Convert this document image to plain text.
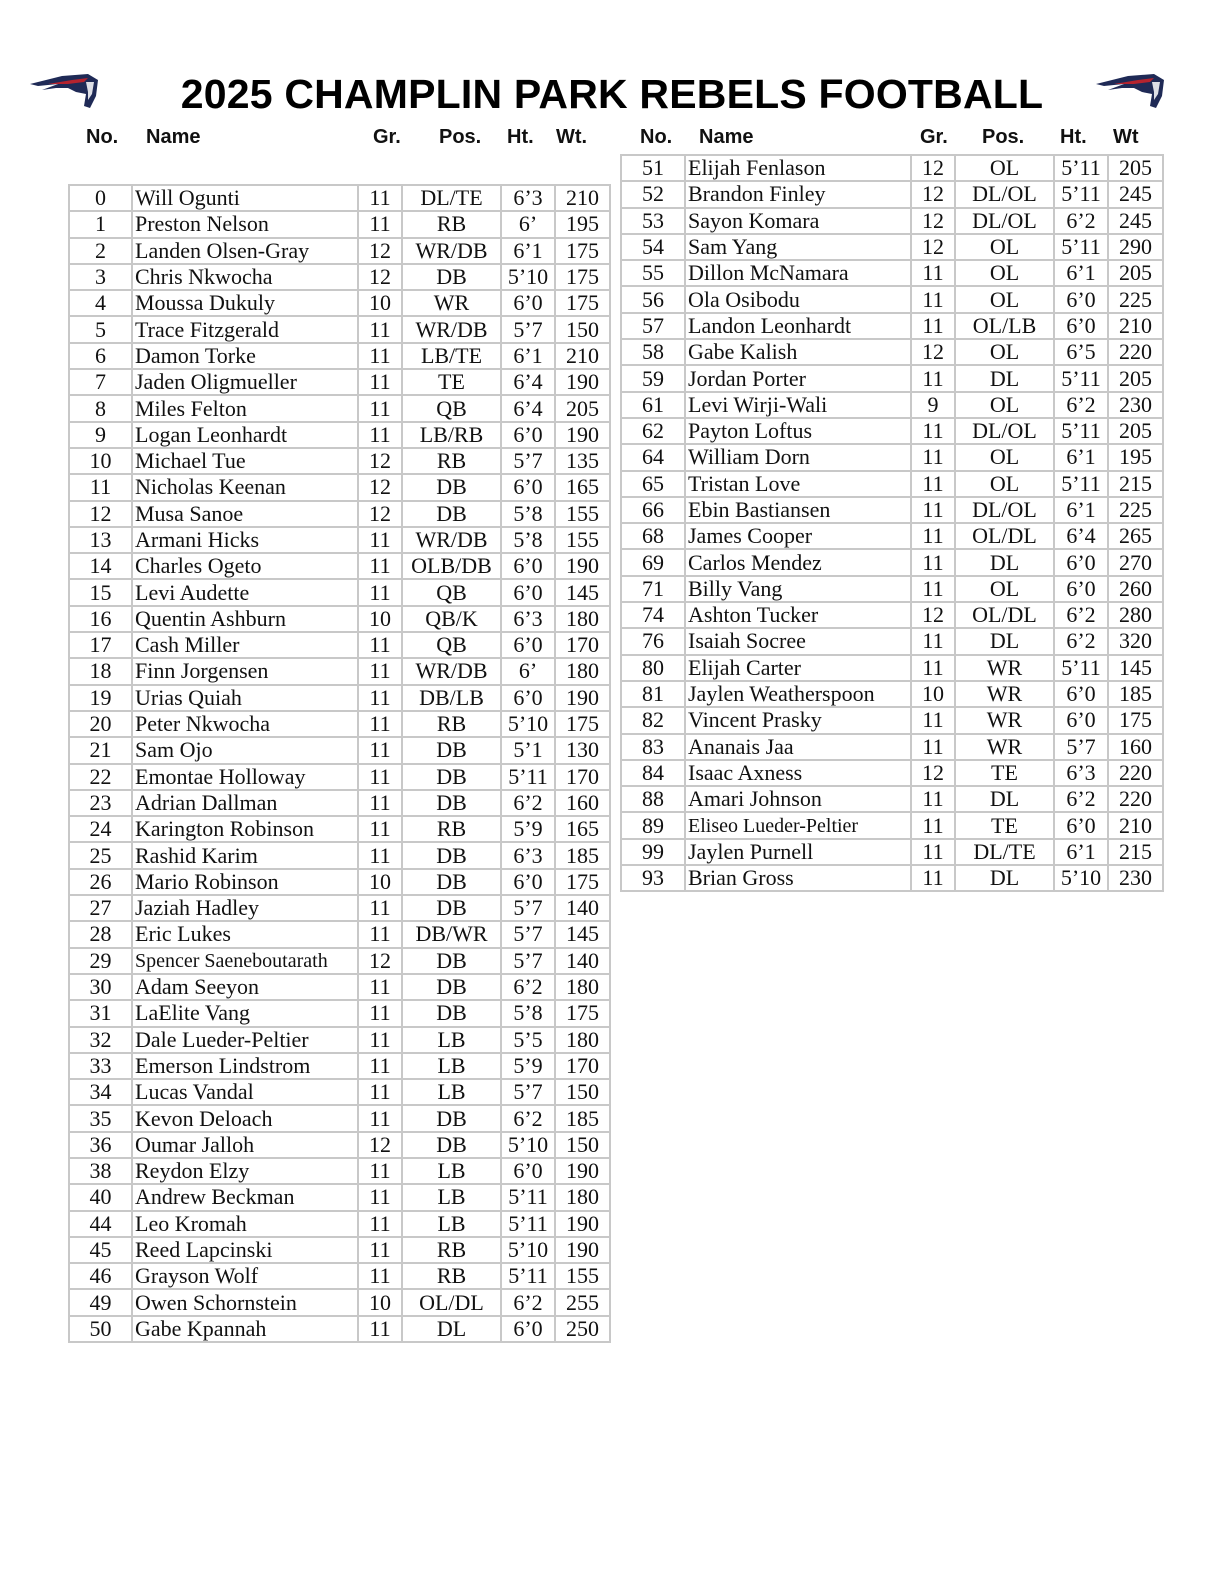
2025 CHAMPLIN PARK REBELS FOOTBALL
No. Name	Gr. Pos. Ht. Wt.	No. Name	Gr. Pos. Ht. Wt
0	Will Ogunti	11	DL/TE	6’3	210
1	Preston Nelson	11	RB	6’	195
2	Landen Olsen-Gray	12	WR/DB	6’1	175
3	Chris Nkwocha	12	DB	5’10	175
4	Moussa Dukuly	10	WR	6’0	175
5	Trace Fitzgerald	11	WR/DB	5’7	150
6	Damon Torke	11	LB/TE	6’1	210
7	Jaden Oligmueller	11	TE	6’4	190
8	Miles Felton	11	QB	6’4	205
9	Logan Leonhardt	11	LB/RB	6’0	190
10	Michael Tue	12	RB	5’7	135
11	Nicholas Keenan	12	DB	6’0	165
12	Musa Sanoe	12	DB	5’8	155
13	Armani Hicks	11	WR/DB	5’8	155
14	Charles Ogeto	11	OLB/DB	6’0	190
15	Levi Audette	11	QB	6’0	145
16	Quentin Ashburn	10	QB/K	6’3	180
17	Cash Miller	11	QB	6’0	170
18	Finn Jorgensen	11	WR/DB	6’	180
19	Urias Quiah	11	DB/LB	6’0	190
20	Peter Nkwocha	11	RB	5’10	175
21	Sam Ojo	11	DB	5’1	130
22	Emontae Holloway	11	DB	5’11	170
23	Adrian Dallman	11	DB	6’2	160
24	Karington Robinson	11	RB	5’9	165
25	Rashid Karim	11	DB	6’3	185
26	Mario Robinson	10	DB	6’0	175
27	Jaziah Hadley	11	DB	5’7	140
28	Eric Lukes	11	DB/WR	5’7	145
29	Spencer Saeneboutarath	12	DB	5’7	140
30	Adam Seeyon	11	DB	6’2	180
31	LaElite Vang	11	DB	5’8	175
32	Dale Lueder-Peltier	11	LB	5’5	180
33	Emerson Lindstrom	11	LB	5’9	170
34	Lucas Vandal	11	LB	5’7	150
35	Kevon Deloach	11	DB	6’2	185
36	Oumar Jalloh	12	DB	5’10	150
38	Reydon Elzy	11	LB	6’0	190
40	Andrew Beckman	11	LB	5’11	180
44	Leo Kromah	11	LB	5’11	190
45	Reed Lapcinski	11	RB	5’10	190
46	Grayson Wolf	11	RB	5’11	155
49	Owen Schornstein	10	OL/DL	6’2	255
50	Gabe Kpannah	11	DL	6’0	250
51	Elijah Fenlason	12	OL	5’11	205
52	Brandon Finley	12	DL/OL	5’11	245
53	Sayon Komara	12	DL/OL	6’2	245
54	Sam Yang	12	OL	5’11	290
55	Dillon McNamara	11	OL	6’1	205
56	Ola Osibodu	11	OL	6’0	225
57	Landon Leonhardt	11	OL/LB	6’0	210
58	Gabe Kalish	12	OL	6’5	220
59	Jordan Porter	11	DL	5’11	205
61	Levi Wirji-Wali	9	OL	6’2	230
62	Payton Loftus	11	DL/OL	5’11	205
64	William Dorn	11	OL	6’1	195
65	Tristan Love	11	OL	5’11	215
66	Ebin Bastiansen	11	DL/OL	6’1	225
68	James Cooper	11	OL/DL	6’4	265
69	Carlos Mendez	11	DL	6’0	270
71	Billy Vang	11	OL	6’0	260
74	Ashton Tucker	12	OL/DL	6’2	280
76	Isaiah Socree	11	DL	6’2	320
80	Elijah Carter	11	WR	5’11	145
81	Jaylen Weatherspoon	10	WR	6’0	185
82	Vincent Prasky	11	WR	6’0	175
83	Ananais Jaa	11	WR	5’7	160
84	Isaac Axness	12	TE	6’3	220
88	Amari Johnson	11	DL	6’2	220
89	Eliseo Lueder-Peltier	11	TE	6’0	210
99	Jaylen Purnell	11	DL/TE	6’1	215
93	Brian Gross	11	DL	5’10	230
